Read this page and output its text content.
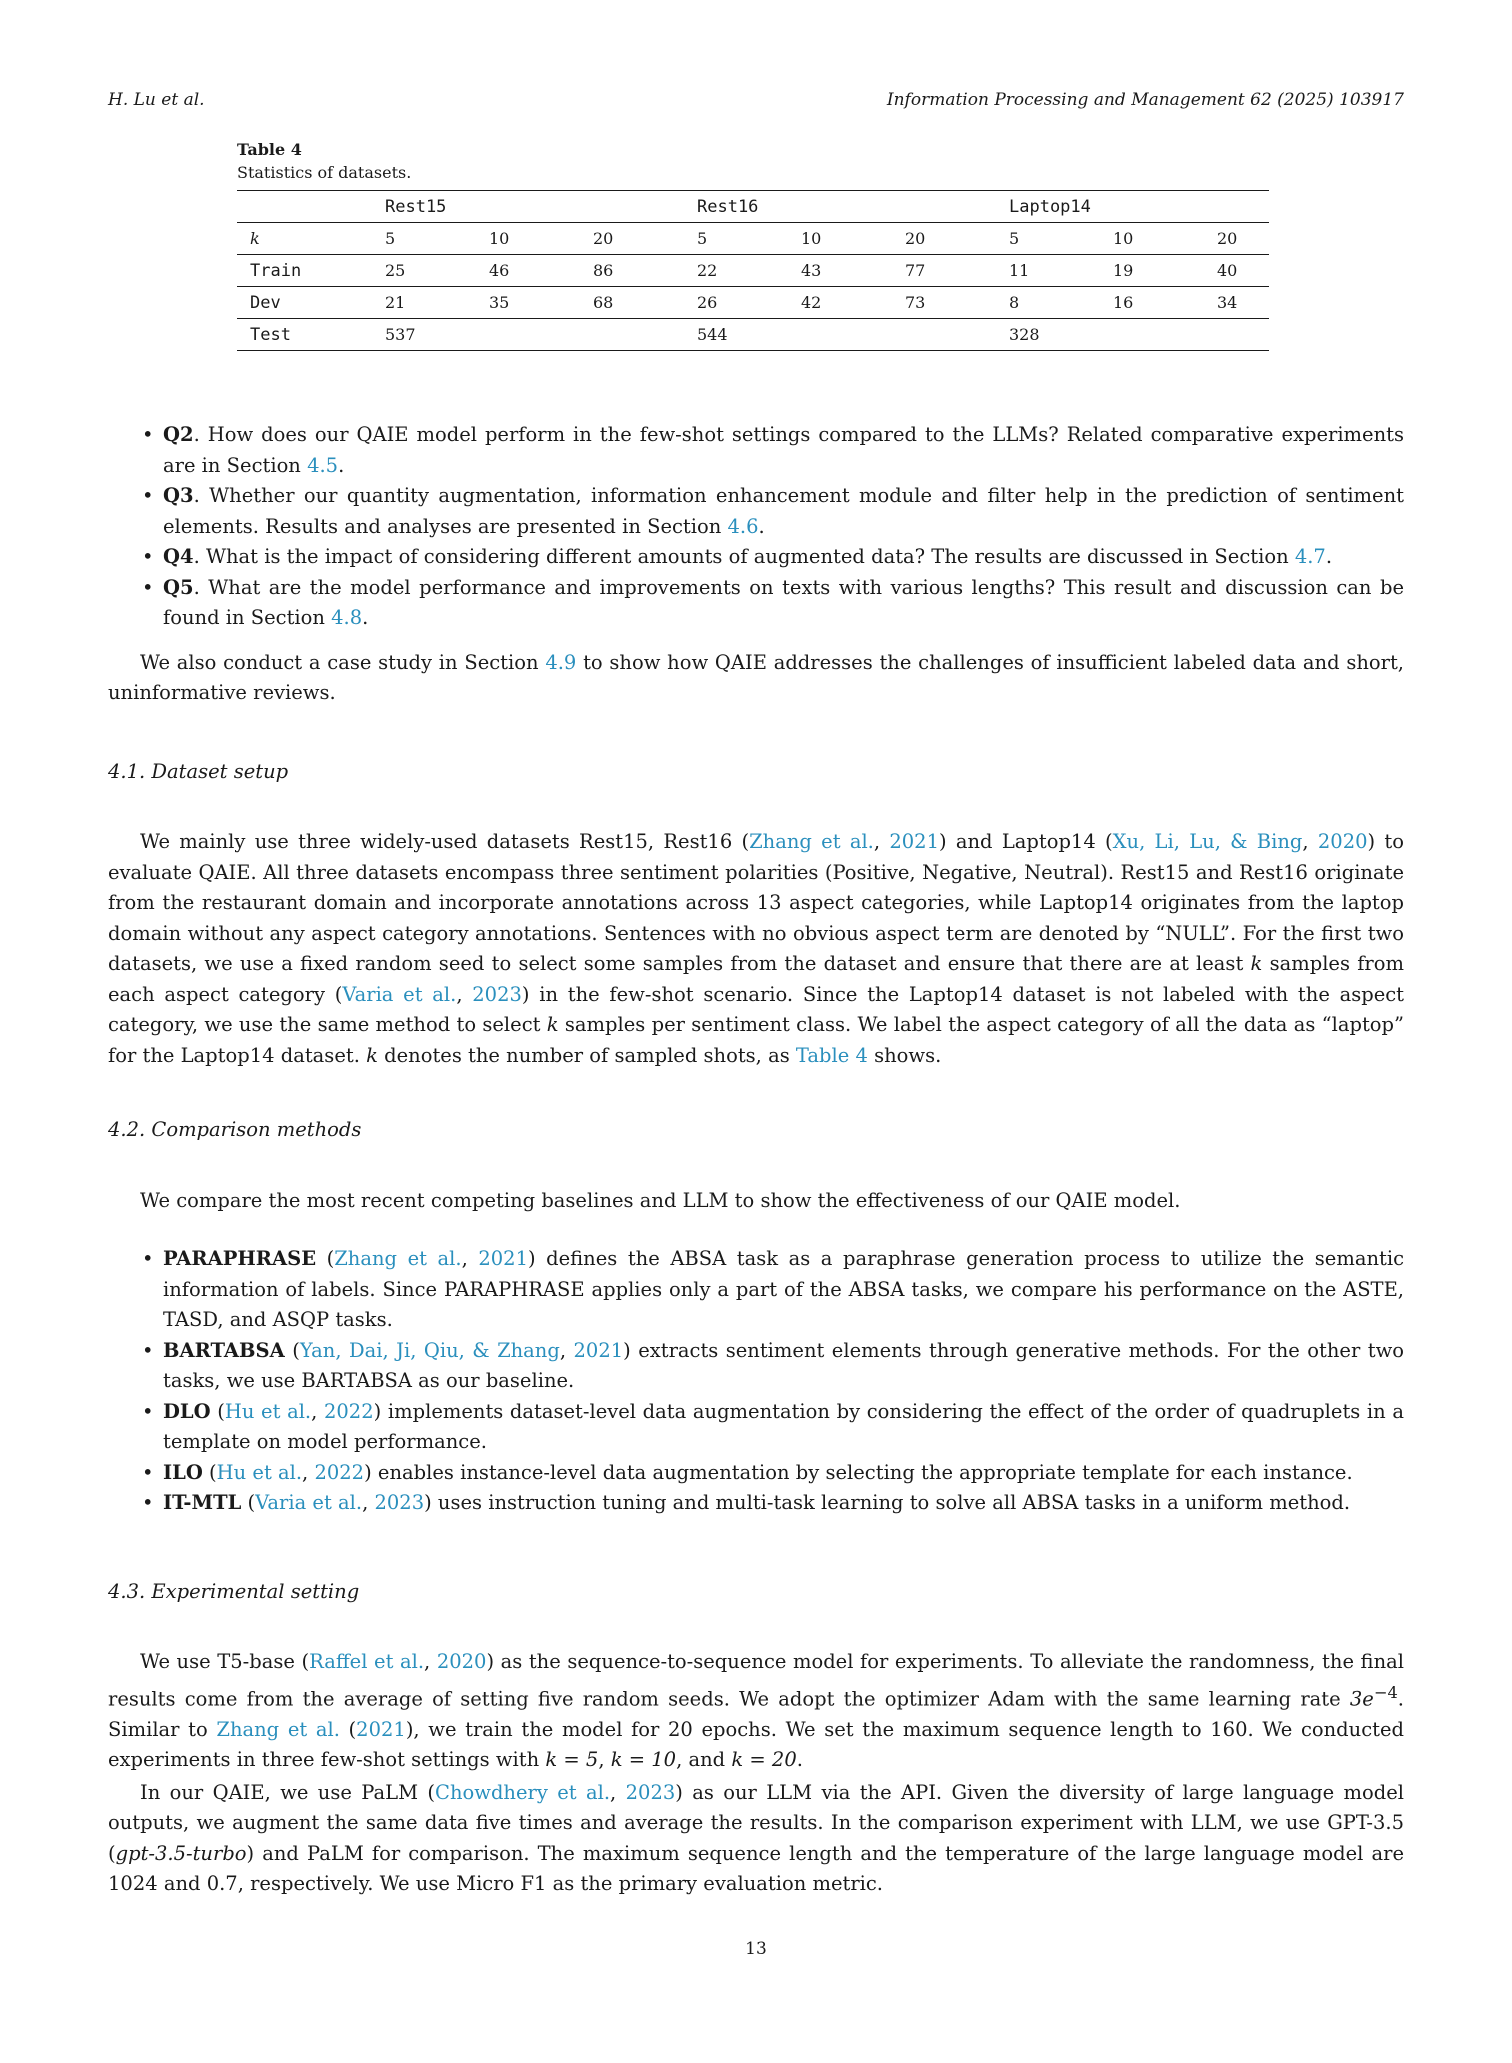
H. Lu et al.	Information Processing and Management 62 (2025) 103917
Table 4
Statistics of datasets.
	Rest15			Rest16			Laptop14		
k	5	10	20	5	10	20	5	10	20
Train	25	46	86	22	43	77	11	19	40
Dev	21	35	68	26	42	73	8	16	34
Test	537			544			328		
• Q2. How does our QAIE model perform in the few-shot settings compared to the LLMs? Related comparative experiments are in Section 4.5.
• Q3. Whether our quantity augmentation, information enhancement module and filter help in the prediction of sentiment elements. Results and analyses are presented in Section 4.6.
• Q4. What is the impact of considering different amounts of augmented data? The results are discussed in Section 4.7.
• Q5. What are the model performance and improvements on texts with various lengths? This result and discussion can be found in Section 4.8.

We also conduct a case study in Section 4.9 to show how QAIE addresses the challenges of insufficient labeled data and short, uninformative reviews.

4.1. Dataset setup

We mainly use three widely-used datasets Rest15, Rest16 (Zhang et al., 2021) and Laptop14 (Xu, Li, Lu, & Bing, 2020) to evaluate QAIE. All three datasets encompass three sentiment polarities (Positive, Negative, Neutral). Rest15 and Rest16 originate from the restaurant domain and incorporate annotations across 13 aspect categories, while Laptop14 originates from the laptop domain without any aspect category annotations. Sentences with no obvious aspect term are denoted by “NULL”. For the first two datasets, we use a fixed random seed to select some samples from the dataset and ensure that there are at least k samples from each aspect category (Varia et al., 2023) in the few-shot scenario. Since the Laptop14 dataset is not labeled with the aspect category, we use the same method to select k samples per sentiment class. We label the aspect category of all the data as “laptop” for the Laptop14 dataset. k denotes the number of sampled shots, as Table 4 shows.

4.2. Comparison methods

We compare the most recent competing baselines and LLM to show the effectiveness of our QAIE model.

• PARAPHRASE (Zhang et al., 2021) defines the ABSA task as a paraphrase generation process to utilize the semantic information of labels. Since PARAPHRASE applies only a part of the ABSA tasks, we compare his performance on the ASTE, TASD, and ASQP tasks.
• BARTABSA (Yan, Dai, Ji, Qiu, & Zhang, 2021) extracts sentiment elements through generative methods. For the other two tasks, we use BARTABSA as our baseline.
• DLO (Hu et al., 2022) implements dataset-level data augmentation by considering the effect of the order of quadruplets in a template on model performance.
• ILO (Hu et al., 2022) enables instance-level data augmentation by selecting the appropriate template for each instance.
• IT-MTL (Varia et al., 2023) uses instruction tuning and multi-task learning to solve all ABSA tasks in a uniform method.

4.3. Experimental setting

We use T5-base (Raffel et al., 2020) as the sequence-to-sequence model for experiments. To alleviate the randomness, the final results come from the average of setting five random seeds. We adopt the optimizer Adam with the same learning rate $3e^{-4}$. Similar to Zhang et al. (2021), we train the model for 20 epochs. We set the maximum sequence length to 160. We conducted experiments in three few-shot settings with k = 5, k = 10, and k = 20.

In our QAIE, we use PaLM (Chowdhery et al., 2023) as our LLM via the API. Given the diversity of large language model outputs, we augment the same data five times and average the results. In the comparison experiment with LLM, we use GPT-3.5 (gpt-3.5-turbo) and PaLM for comparison. The maximum sequence length and the temperature of the large language model are 1024 and 0.7, respectively. We use Micro F1 as the primary evaluation metric.

13
